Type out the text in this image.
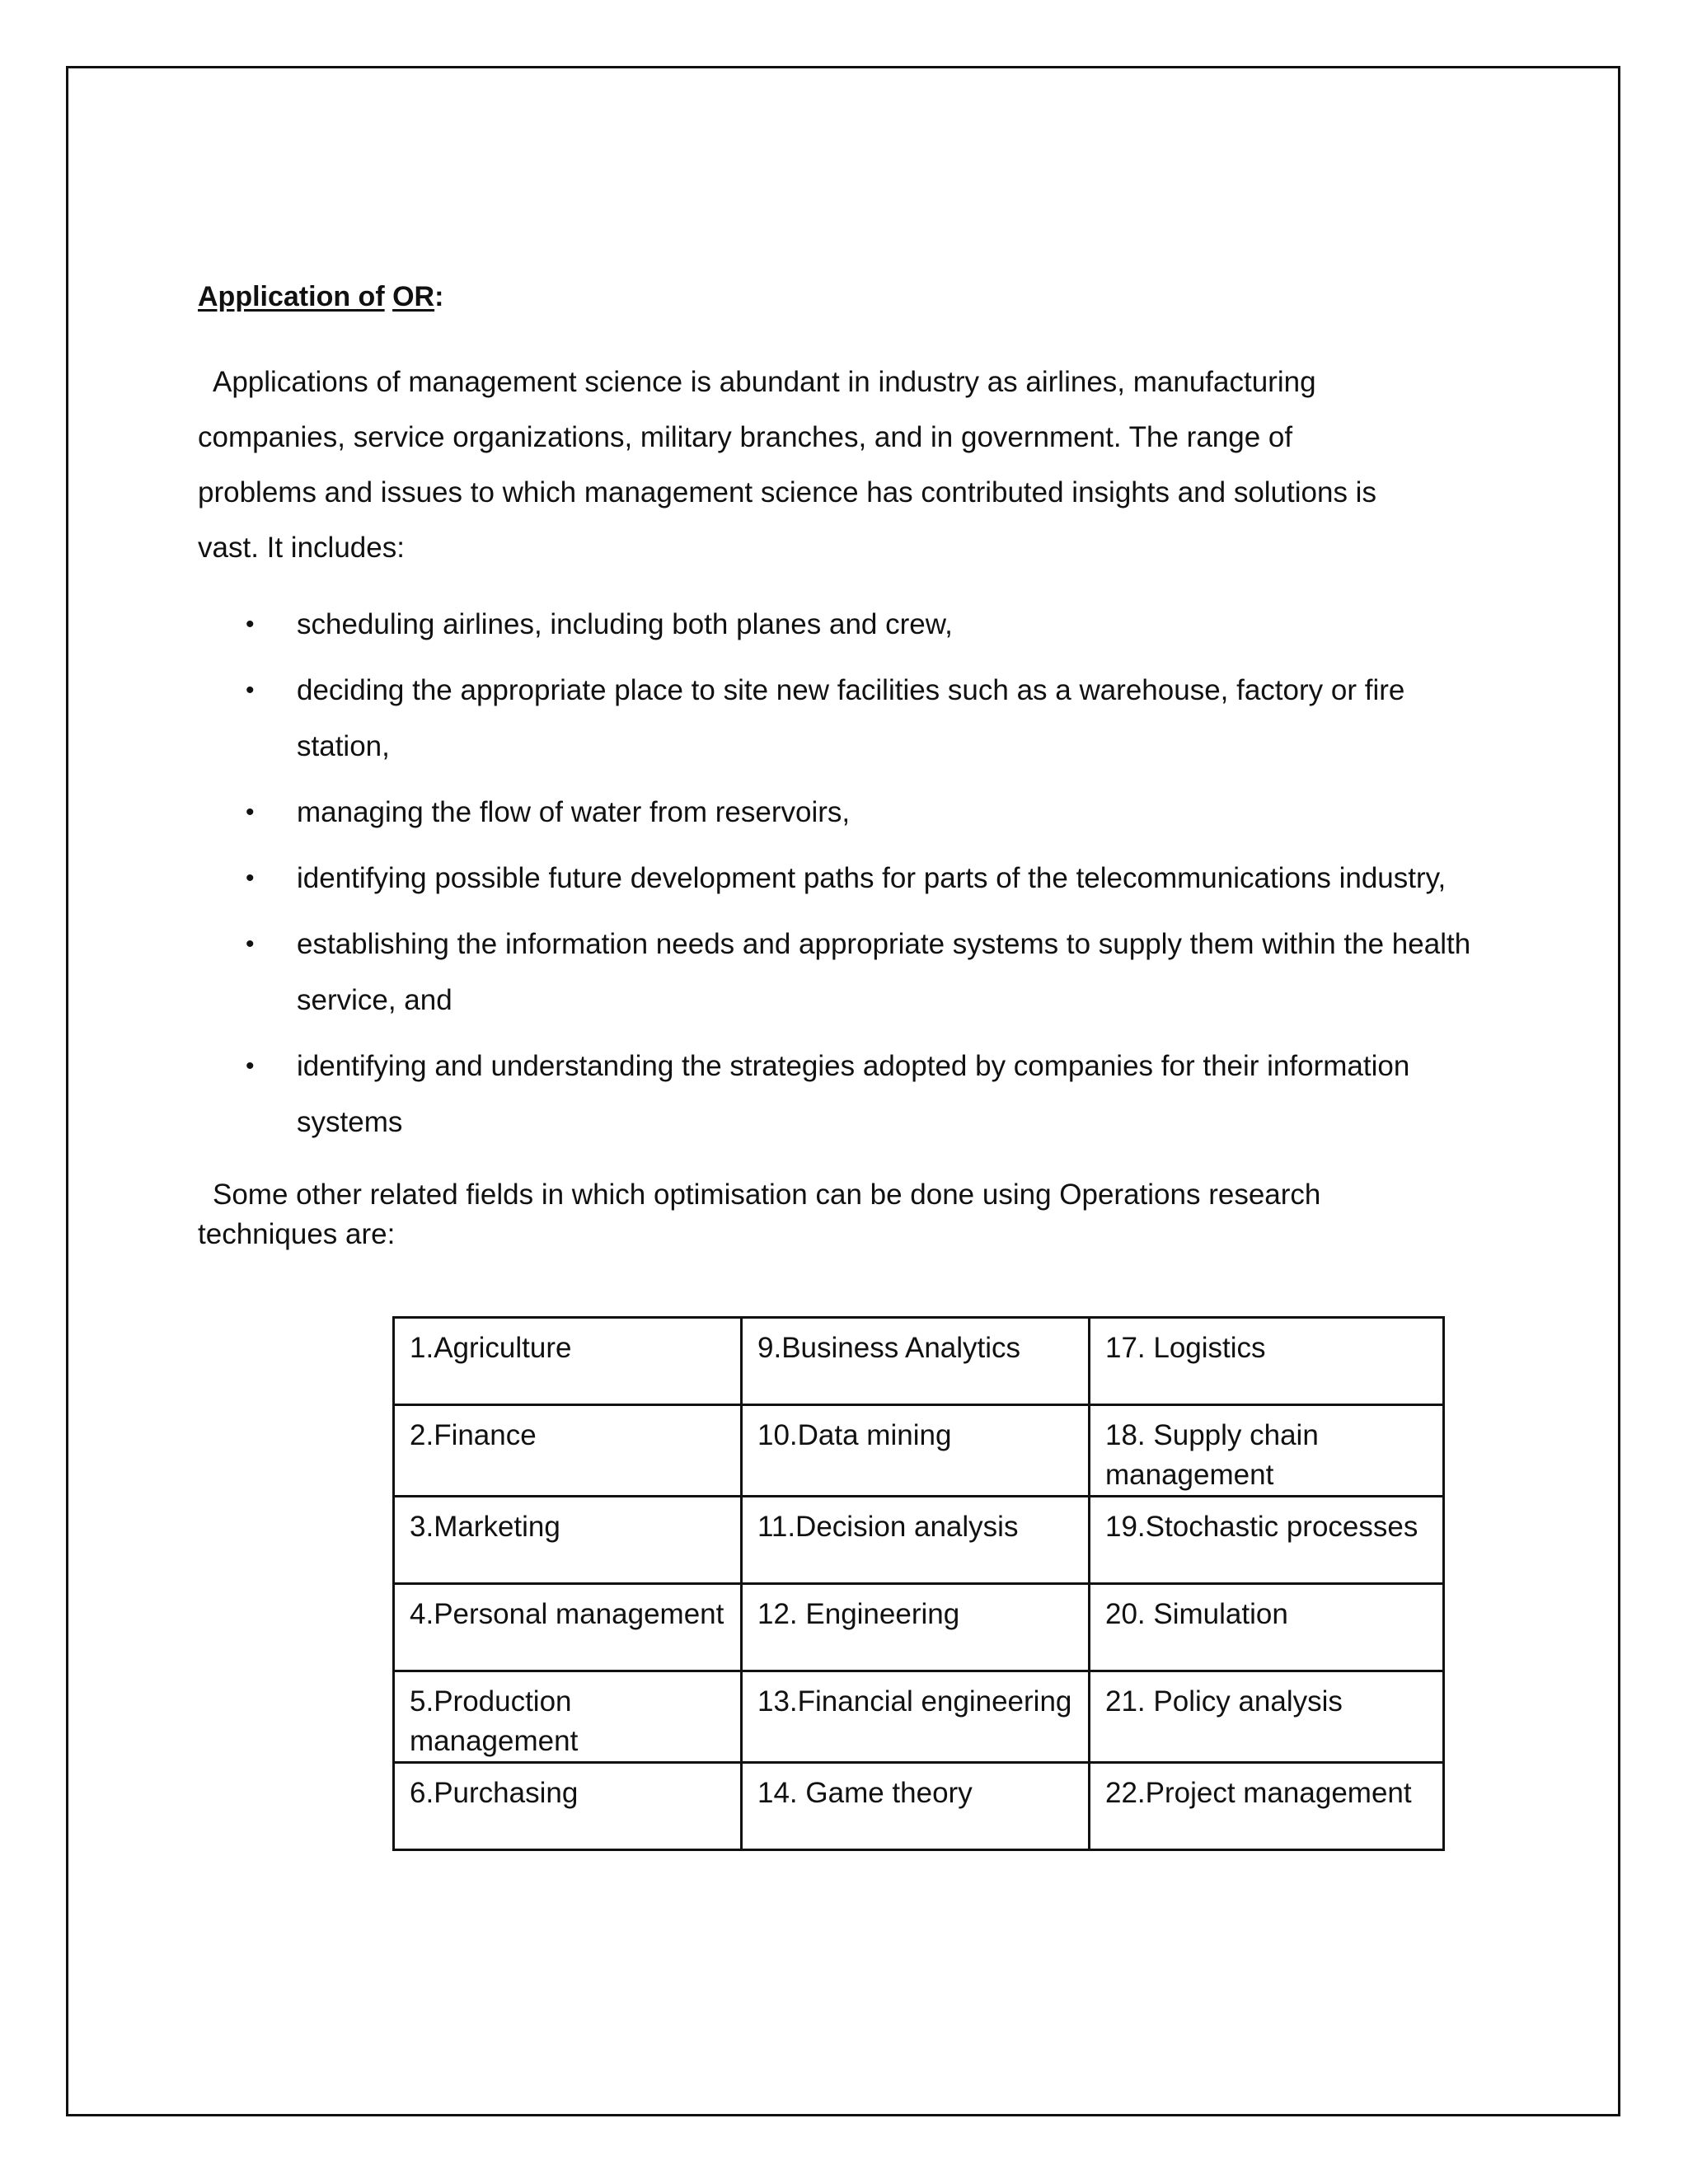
Application of OR:

Applications of management science is abundant in industry as airlines, manufacturing companies, service organizations, military branches, and in government. The range of problems and issues to which management science has contributed insights and solutions is vast. It includes:

• scheduling airlines, including both planes and crew,
• deciding the appropriate place to site new facilities such as a warehouse, factory or fire station,
• managing the flow of water from reservoirs,
• identifying possible future development paths for parts of the telecommunications industry,
• establishing the information needs and appropriate systems to supply them within the health service, and
• identifying and understanding the strategies adopted by companies for their information systems

Some other related fields in which optimisation can be done using Operations research techniques are:

1.Agriculture	9.Business Analytics	17. Logistics
2.Finance	10.Data mining	18. Supply chain management
3.Marketing	11.Decision analysis	19.Stochastic processes
4.Personal management	12. Engineering	20. Simulation
5.Production management	13.Financial engineering	21. Policy analysis
6.Purchasing	14. Game theory	22.Project management
